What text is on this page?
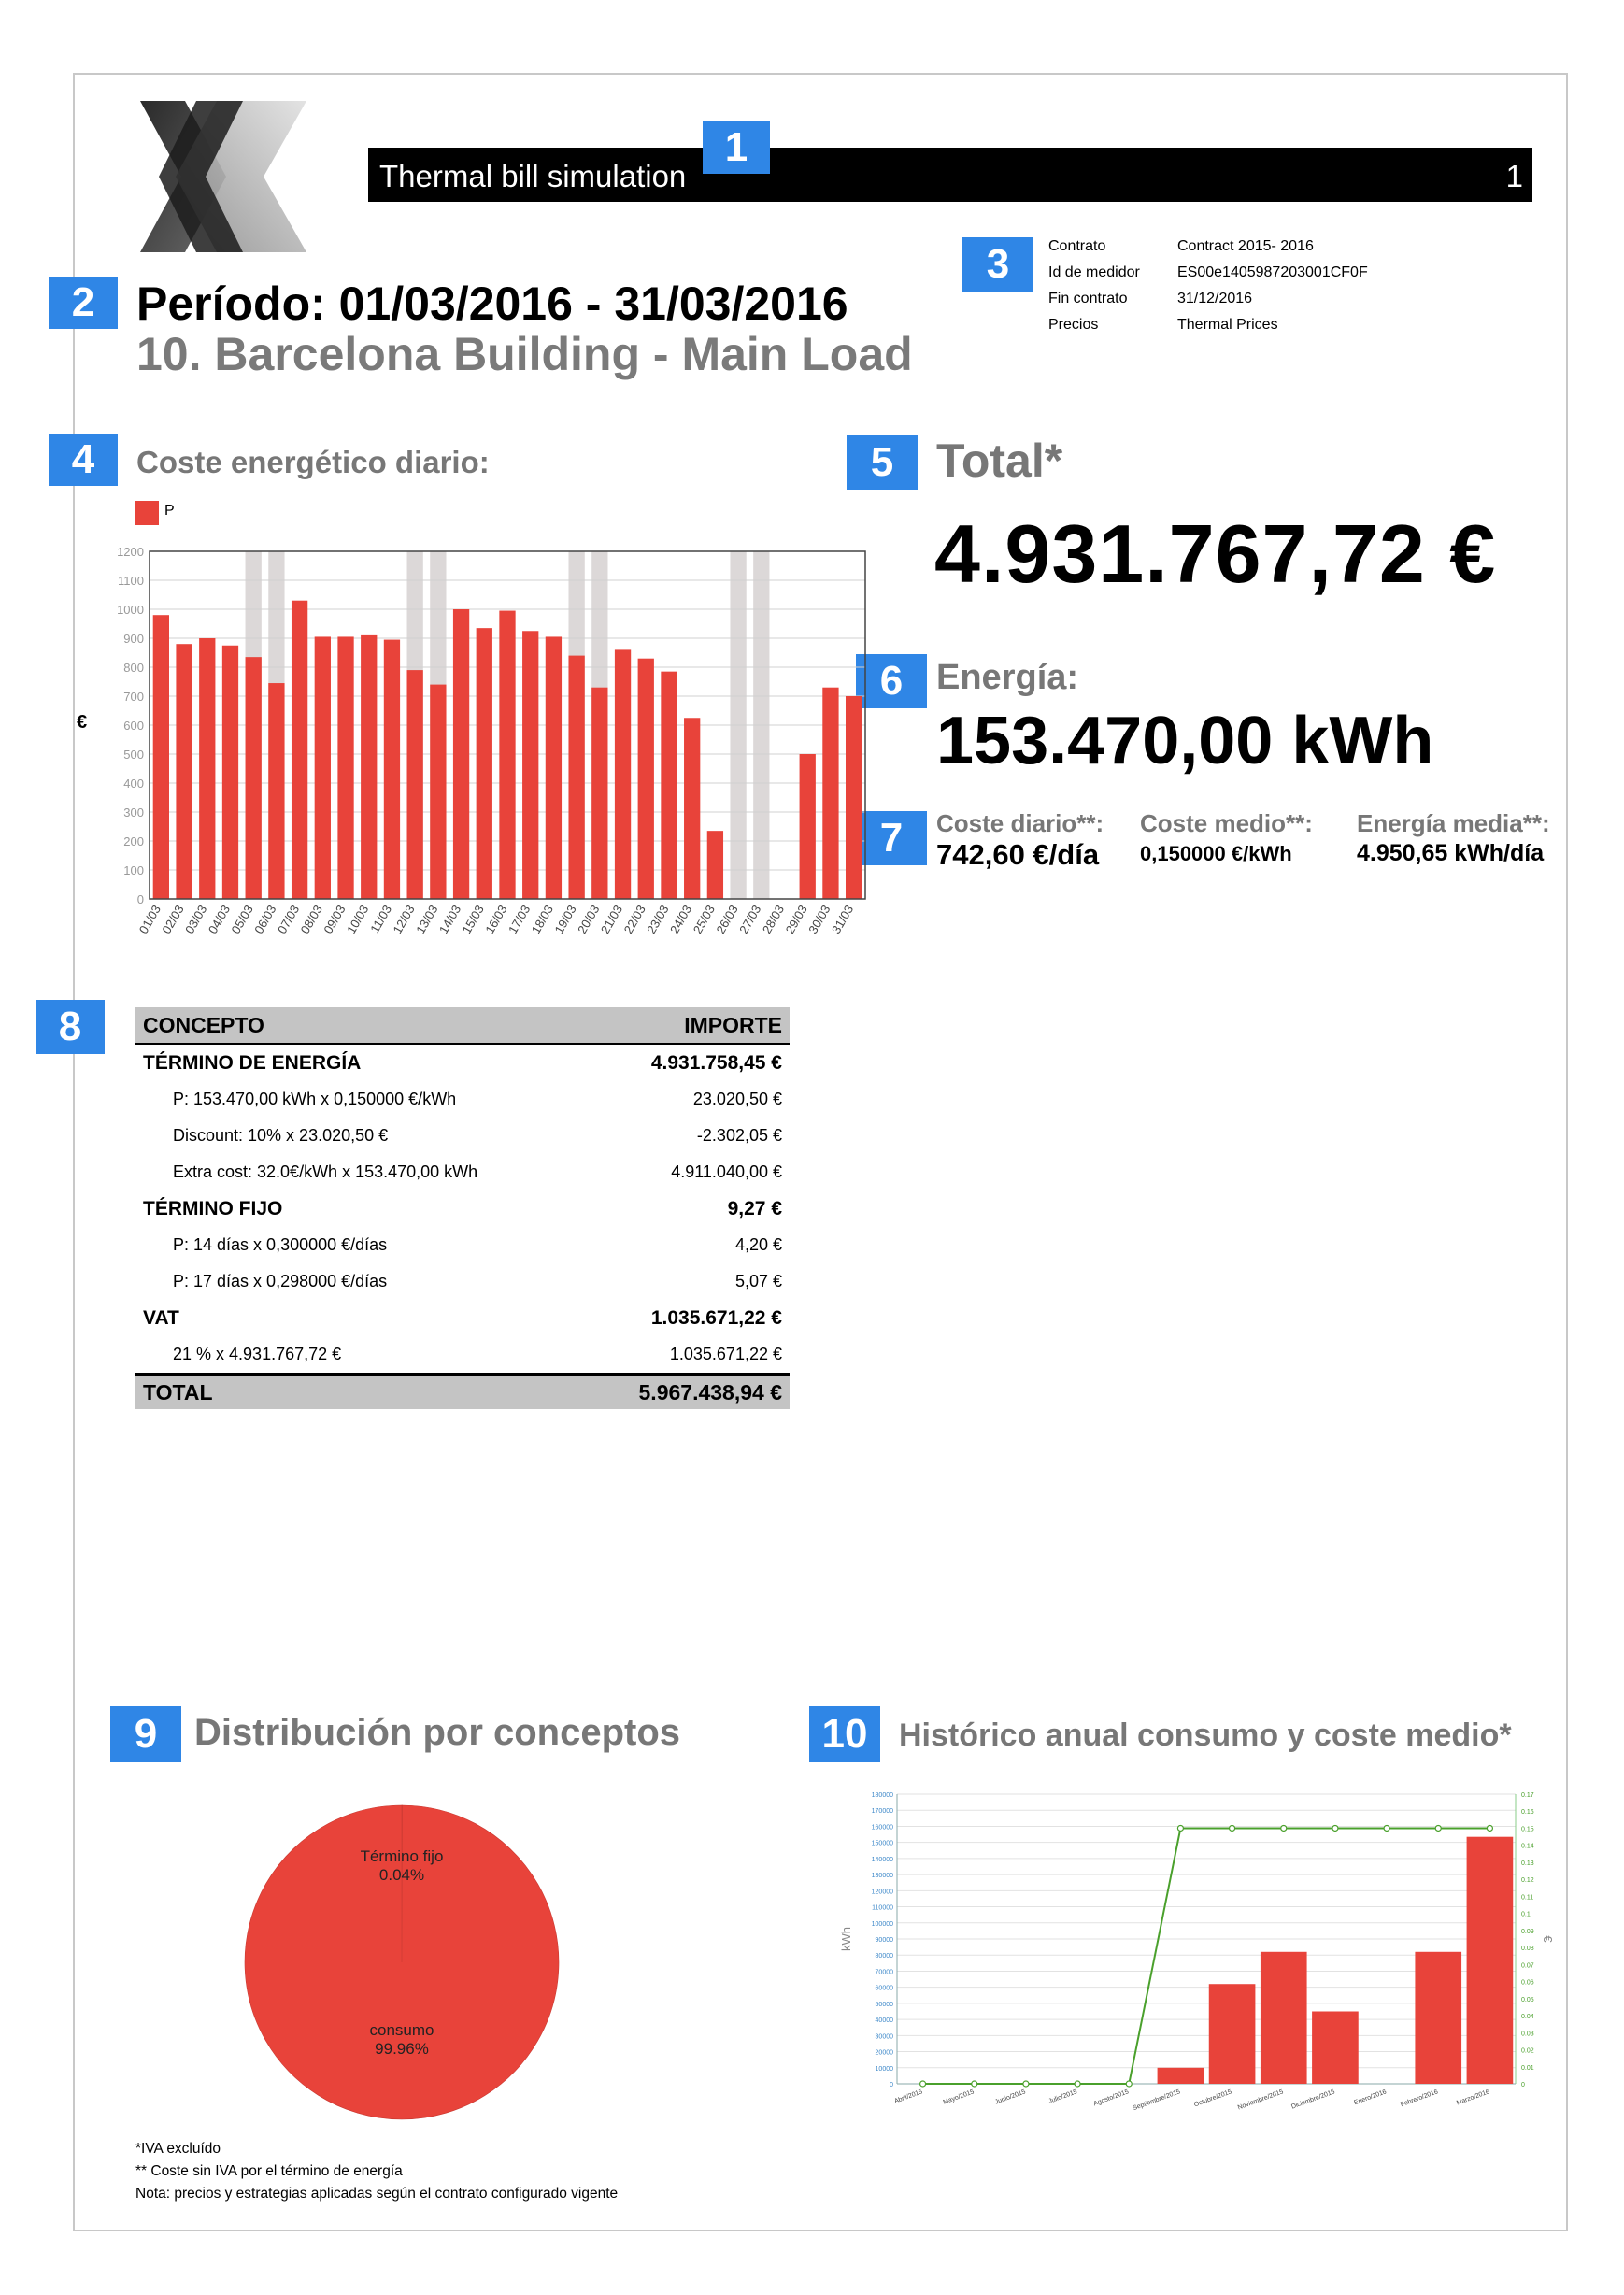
Thermal bill simulation	1
1
2
3
4	5
6
7
8
9	10
Contrato	Contract 2015- 2016
Id de medidor	ES00e1405987203001CF0F
Fin contrato	31/12/2016
Precios	Thermal Prices
Período: 01/03/2016 - 31/03/2016
10. Barcelona Building - Main Load
Coste energético diario:
P
€
0
100
200
300
400
500
600
700
800
900
1000
1100
1200
01/03
02/03
03/03
04/03
05/03
06/03
07/03
08/03
09/03
10/03
11/03
12/03
13/03
14/03
15/03
16/03
17/03
18/03
19/03
20/03
21/03
22/03
23/03
24/03
25/03
26/03
27/03
28/03
29/03
30/03
31/03
Total*
4.931.767,72 €
Energía:
153.470,00 kWh
Coste diario**:
742,60 €/día
Coste medio**:
0,150000 €/kWh
Energía media**:
4.950,65 kWh/día
CONCEPTO	IMPORTE
TÉRMINO DE ENERGÍA	4.931.758,45 €
P: 153.470,00 kWh x 0,150000 €/kWh	23.020,50 €
Discount: 10% x 23.020,50 €	-2.302,05 €
Extra cost: 32.0€/kWh x 153.470,00 kWh	4.911.040,00 €
TÉRMINO FIJO	9,27 €
P: 14 días x 0,300000 €/días	4,20 €
P: 17 días x 0,298000 €/días	5,07 €
VAT	1.035.671,22 €
21 % x 4.931.767,72 €	1.035.671,22 €
TOTAL	5.967.438,94 €
Distribución por conceptos
Término fijo
0.04%
consumo
99.96%
Histórico anual consumo y coste medio*
0
10000
20000
30000
40000
50000
60000
70000
80000
90000
100000
110000
120000
130000
140000
150000
160000
170000
180000
0
0.01
0.02
0.03
0.04
0.05
0.06
0.07
0.08
0.09
0.1
0.11
0.12
0.13
0.14
0.15
0.16
0.17
Abril/2015	Mayo/2015	Junio/2015	Julio/2015 Agosto/2015 Septiembre/2015 Octubre/2015 Noviembre/2015 Diciembre/2015	Enero/2016 Febrero/2016	Marzo/2016
kWh	€
*IVA excluído
** Coste sin IVA por el término de energía
Nota: precios y estrategias aplicadas según el contrato configurado vigente
